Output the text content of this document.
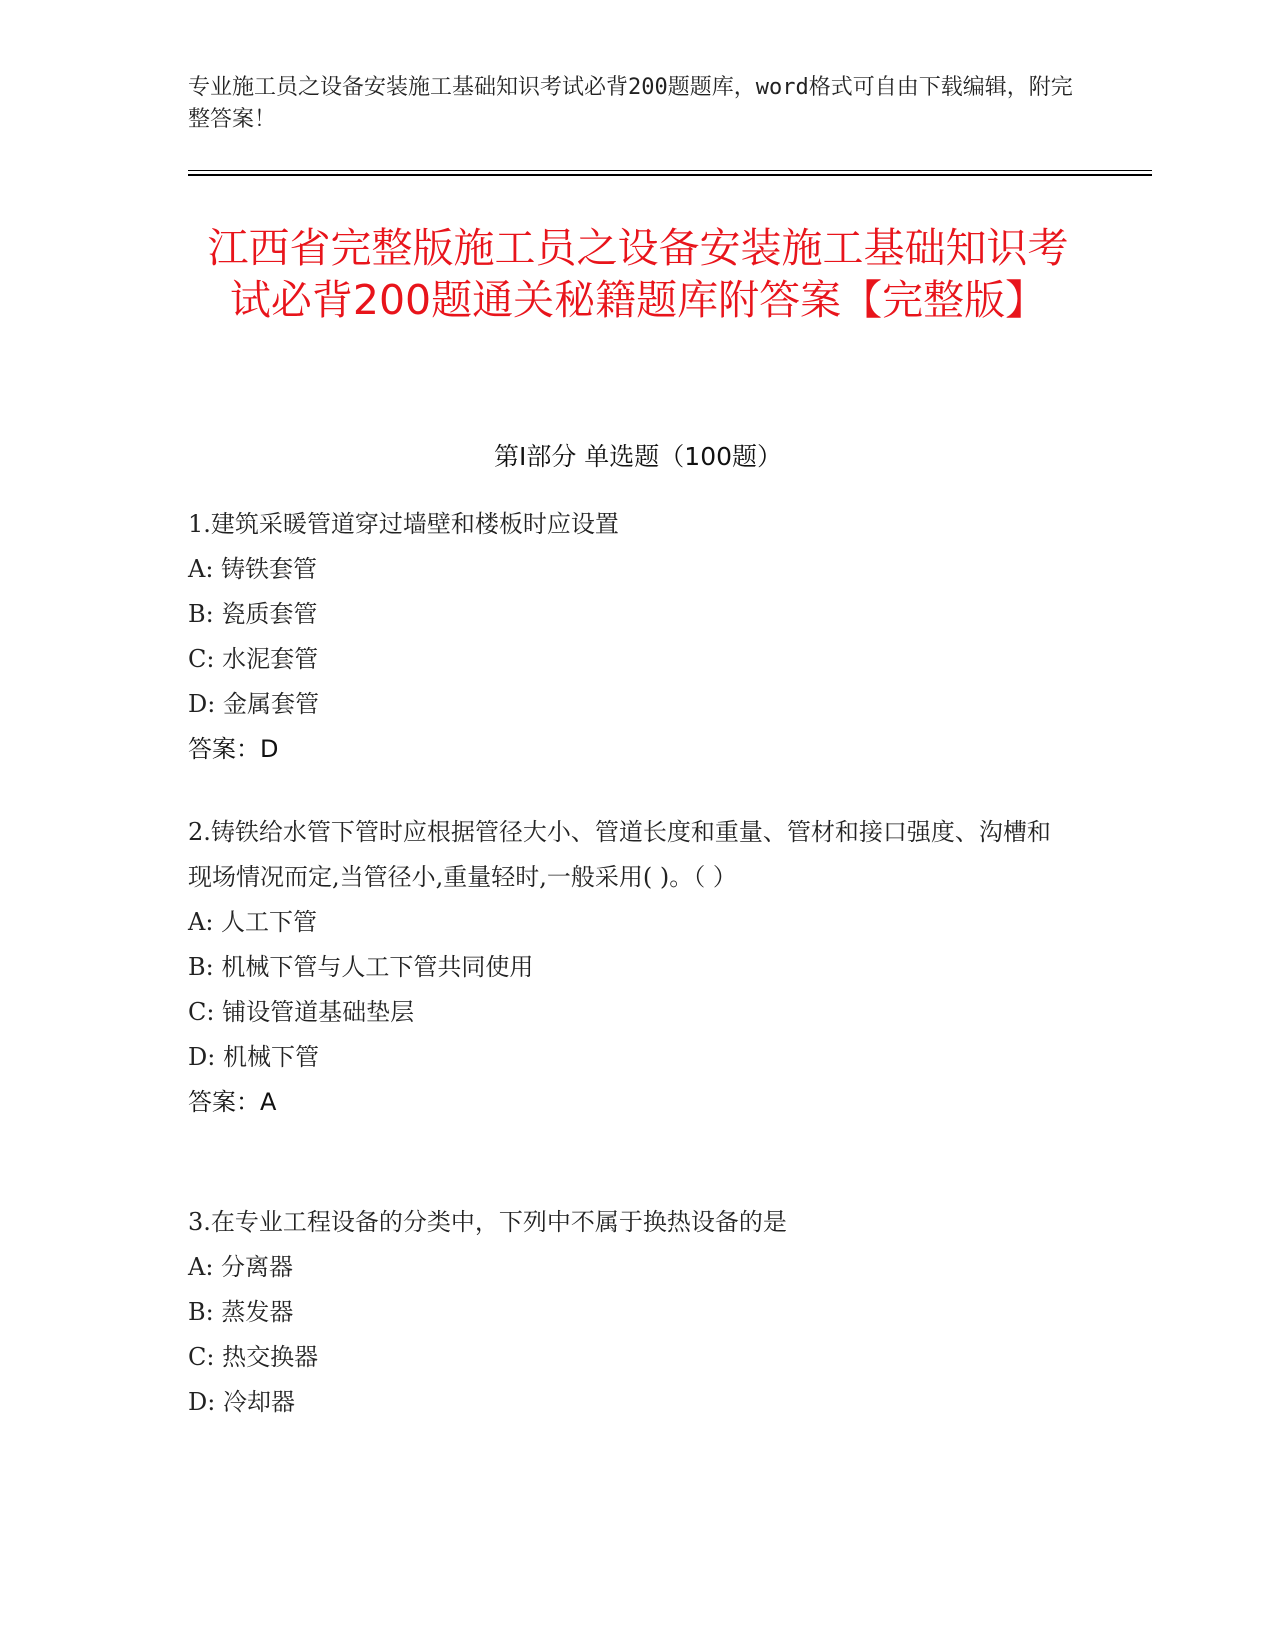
专业施工员之设备安装施工基础知识考试必背200题题库，word格式可自由下载编辑，附完整答案！
江西省完整版施工员之设备安装施工基础知识考试必背200题通关秘籍题库附答案【完整版】
第Ⅰ部分 单选题（100题）
1.建筑采暖管道穿过墙壁和楼板时应设置
A: 铸铁套管
B: 瓷质套管
C: 水泥套管
D: 金属套管
答案：D
2.铸铁给水管下管时应根据管径大小、管道长度和重量、管材和接口强度、沟槽和现场情况而定,当管径小,重量轻时,一般采用( )。（ ）
A: 人工下管
B: 机械下管与人工下管共同使用
C: 铺设管道基础垫层
D: 机械下管
答案：A
3.在专业工程设备的分类中，下列中不属于换热设备的是
A: 分离器
B: 蒸发器
C: 热交换器
D: 冷却器
